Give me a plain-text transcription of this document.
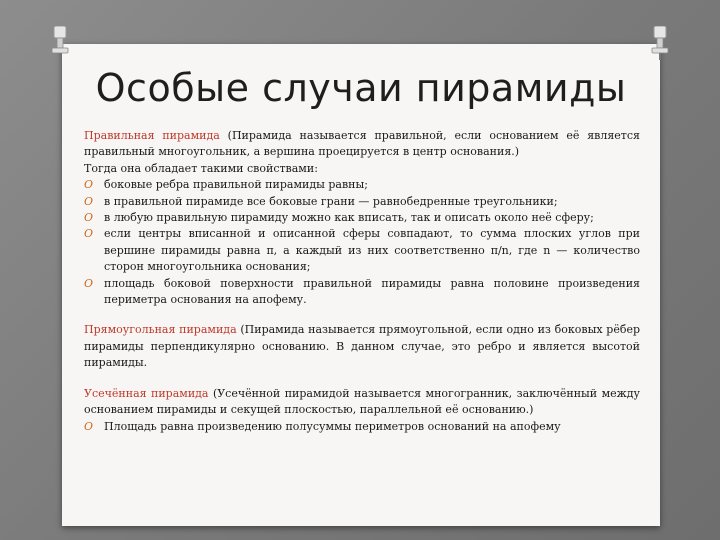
Особые случаи пирамиды

Правильная пирамида (Пирамида называется правильной, если основанием её является правильный многоугольник, а вершина проецируется в центр основания.)

Тогда она обладает такими свойствами:

O боковые ребра правильной пирамиды равны;
O в правильной пирамиде все боковые грани — равнобедренные треугольники;
O в любую правильную пирамиду можно как вписать, так и описать около неё сферу;
O если центры вписанной и описанной сферы совпадают, то сумма плоских углов при вершине пирамиды равна π, а каждый из них соответственно π/n, где n — количество сторон многоугольника основания;
O площадь боковой поверхности правильной пирамиды равна половине произведения периметра основания на апофему.

Прямоугольная пирамида (Пирамида называется прямоугольной, если одно из боковых рёбер пирамиды перпендикулярно основанию. В данном случае, это ребро и является высотой пирамиды.

Усечённая пирамида (Усечённой пирамидой называется многогранник, заключённый между основанием пирамиды и секущей плоскостью, параллельной её основанию.)

O Площадь равна произведению полусуммы периметров оснований на апофему
